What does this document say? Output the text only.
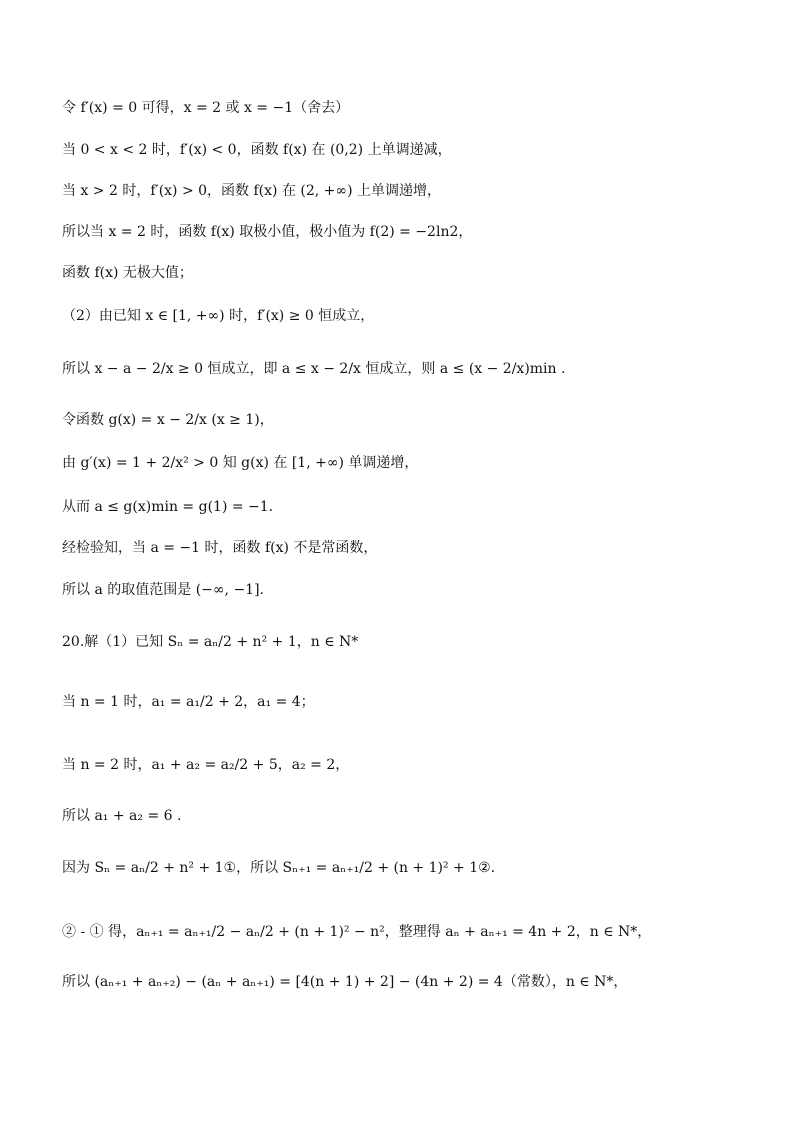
令 f′(x) = 0 可得，x = 2 或 x = −1（舍去）
当 0 < x < 2 时，f′(x) < 0，函数 f(x) 在 (0,2) 上单调递减，
当 x > 2 时，f′(x) > 0，函数 f(x) 在 (2, +∞) 上单调递增，
所以当 x = 2 时，函数 f(x) 取极小值，极小值为 f(2) = −2ln2，
函数 f(x) 无极大值；
（2）由已知 x ∈ [1, +∞) 时，f′(x) ≥ 0 恒成立，
所以 x − a − 2/x ≥ 0 恒成立，即 a ≤ x − 2/x 恒成立，则 a ≤ (x − 2/x)min .
令函数 g(x) = x − 2/x (x ≥ 1)，
由 g′(x) = 1 + 2/x² > 0 知 g(x) 在 [1, +∞) 单调递增，
从而 a ≤ g(x)min = g(1) = −1.
经检验知，当 a = −1 时，函数 f(x) 不是常函数，
所以 a 的取值范围是 (−∞, −1].
20.解（1）已知 Sₙ = aₙ/2 + n² + 1，n ∈ N*
当 n = 1 时，a₁ = a₁/2 + 2，a₁ = 4；
当 n = 2 时，a₁ + a₂ = a₂/2 + 5，a₂ = 2，
所以 a₁ + a₂ = 6 .
因为 Sₙ = aₙ/2 + n² + 1①，所以 Sₙ₊₁ = aₙ₊₁/2 + (n + 1)² + 1②.
② - ① 得，aₙ₊₁ = aₙ₊₁/2 − aₙ/2 + (n + 1)² − n²，整理得 aₙ + aₙ₊₁ = 4n + 2，n ∈ N*，
所以 (aₙ₊₁ + aₙ₊₂) − (aₙ + aₙ₊₁) = [4(n + 1) + 2] − (4n + 2) = 4（常数），n ∈ N*，
